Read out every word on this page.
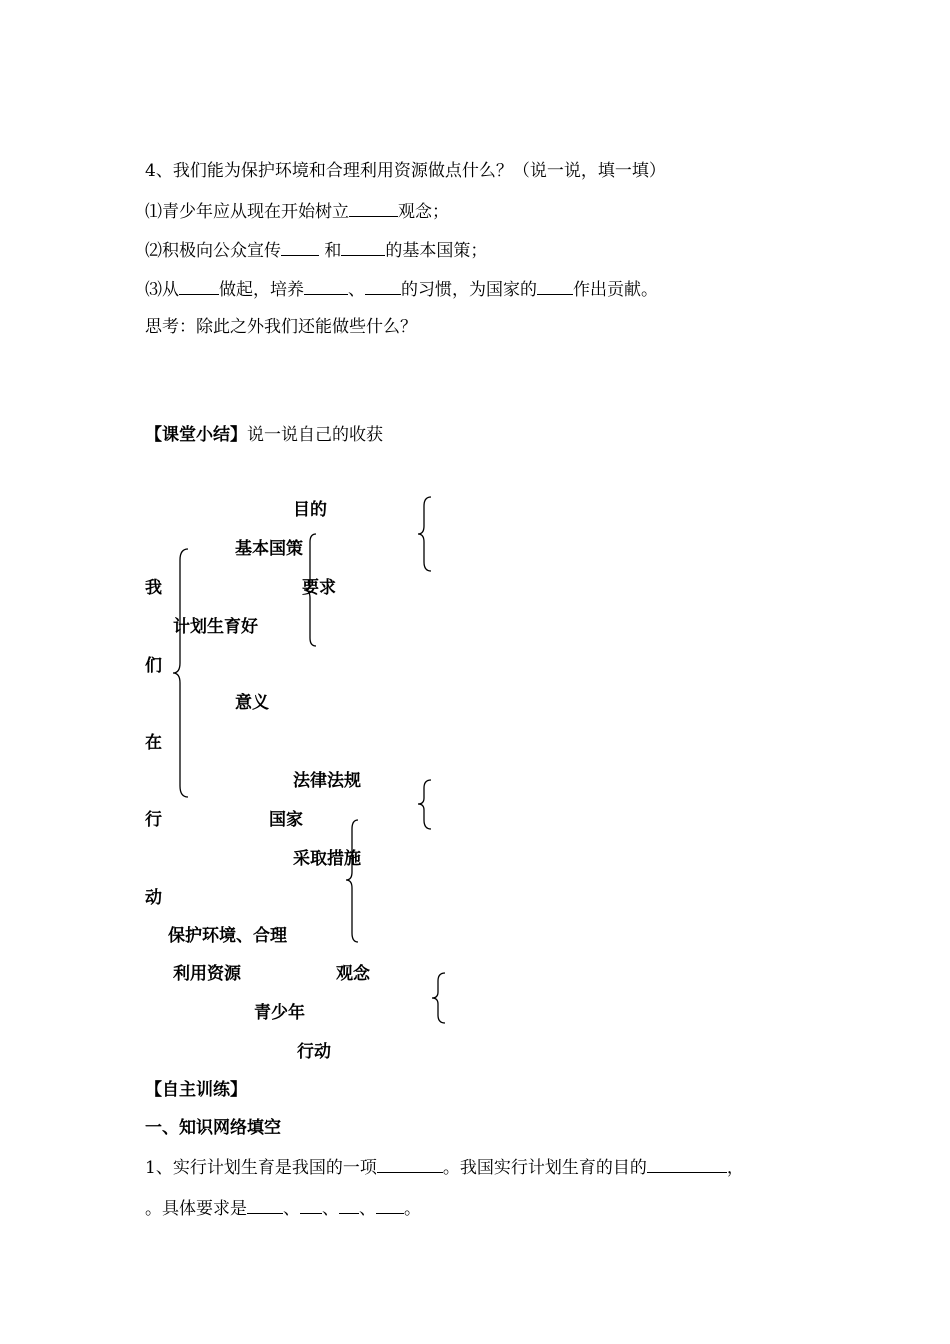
4、我们能为保护环境和合理利用资源做点什么？（说一说，填一填）
⑴青少年应从现在开始树立	观念；
⑵积极向公众宣传 和	的基本国策；
⑶从 做起，培养	、 的习惯，为国家的 作出贡献。
思考：除此之外我们还能做些什么？
【课堂小结】说一说自己的收获
我
们
在
行
动
目的
基本国策
要求
计划生育好
意义
法律法规
国家
采取措施
保护环境、合理
利用资源	观念
青少年
行动
【自主训练】
一、知识网络填空
1、实行计划生育是我国的一项	。我国实行计划生育的目的	，
。具体要求是 、 、 、 。
